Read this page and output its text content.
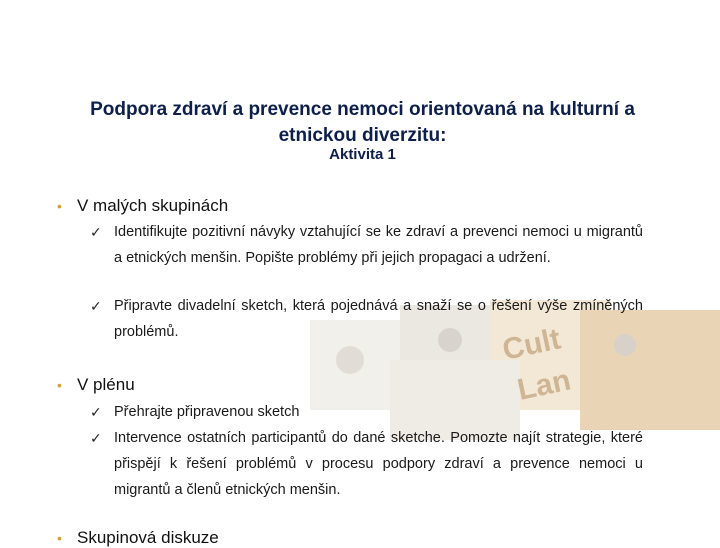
Podpora zdraví a prevence nemoci orientovaná na kulturní a etnickou diverzitu:
Aktivita 1
Cult
Lan
• V malých skupinách
✓ Identifikujte pozitivní návyky vztahující se ke zdraví a prevenci nemoci u migrantů a etnických menšin. Popište problémy při jejich propagaci a udržení.
✓ Připravte divadelní sketch, která pojednává a snaží se o řešení výše zmíněných problémů.
• V plénu
✓ Přehrajte připravenou sketch
✓ Intervence ostatních participantů do dané sketche. Pomozte najít strategie, které přispějí k řešení problémů v procesu podpory zdraví a prevence nemoci u migrantů a členů etnických menšin.
• Skupinová diskuze
